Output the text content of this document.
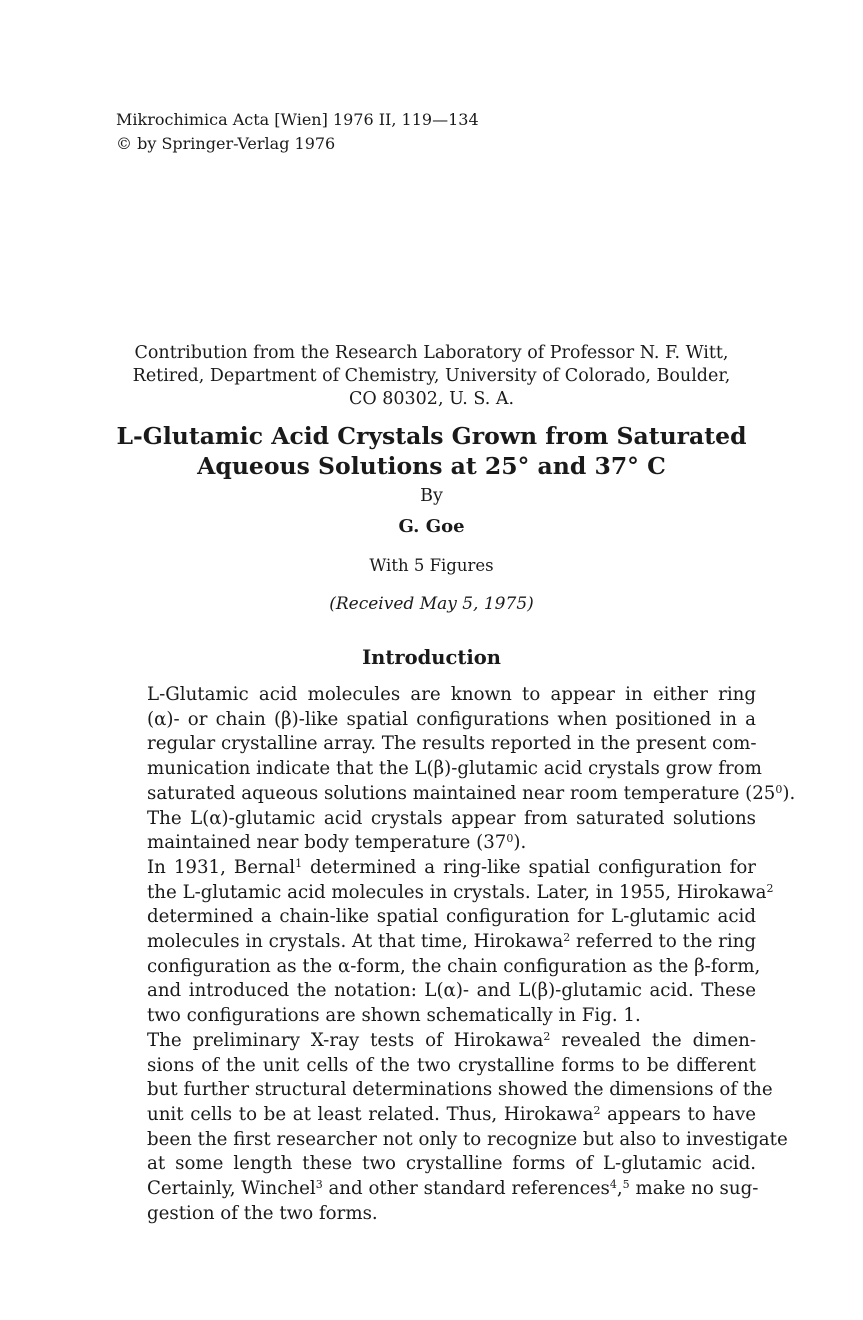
Mikrochimica Acta [Wien] 1976 II, 119—134
© by Springer-Verlag 1976
Contribution from the Research Laboratory of Professor N. F. Witt,
Retired, Department of Chemistry, University of Colorado, Boulder,
CO 80302, U. S. A.
L-Glutamic Acid Crystals Grown from Saturated
Aqueous Solutions at 25° and 37° C
By
G. Goe
With 5 Figures
(Received May 5, 1975)
Introduction

L-Glutamic acid molecules are known to appear in either ring
(α)- or chain (β)-like spatial configurations when positioned in a
regular crystalline array. The results reported in the present com-
munication indicate that the L(β)-glutamic acid crystals grow from
saturated aqueous solutions maintained near room temperature $(25^0)$.
The L(α)-glutamic acid crystals appear from saturated solutions
maintained near body temperature $(37^0)$.

In 1931, Bernal$^1$ determined a ring-like spatial configuration for
the L-glutamic acid molecules in crystals. Later, in 1955, Hirokawa$^2$
determined a chain-like spatial configuration for L-glutamic acid
molecules in crystals. At that time, Hirokawa$^2$ referred to the ring
configuration as the α-form, the chain configuration as the β-form,
and introduced the notation: L(α)- and L(β)-glutamic acid. These
two configurations are shown schematically in Fig. 1.

The preliminary X-ray tests of Hirokawa$^2$ revealed the dimen-
sions of the unit cells of the two crystalline forms to be different
but further structural determinations showed the dimensions of the
unit cells to be at least related. Thus, Hirokawa$^2$ appears to have
been the first researcher not only to recognize but also to investigate
at some length these two crystalline forms of L-glutamic acid.
Certainly, Winchel$^3$ and other standard references$^4$,$^5$ make no sug-
gestion of the two forms.
